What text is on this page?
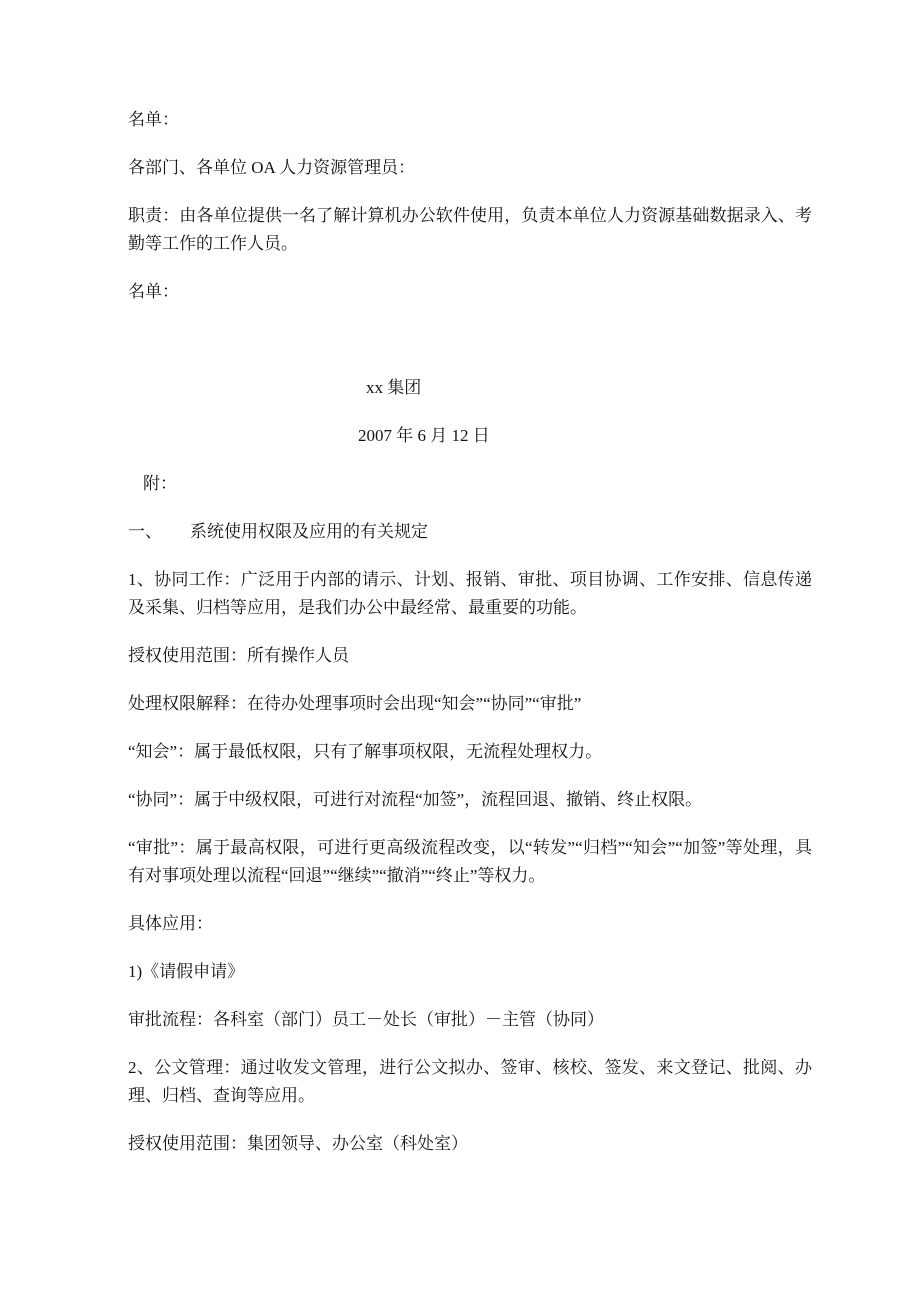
名单：

各部门、各单位 OA 人力资源管理员：

职责：由各单位提供一名了解计算机办公软件使用，负责本单位人力资源基础数据录入、考勤等工作的工作人员。

名单：

xx 集团

2007 年 6 月 12 日

附：

一、 系统使用权限及应用的有关规定

1、协同工作：广泛用于内部的请示、计划、报销、审批、项目协调、工作安排、信息传递及采集、归档等应用，是我们办公中最经常、最重要的功能。

授权使用范围：所有操作人员

处理权限解释：在待办处理事项时会出现“知会”“协同”“审批”

“知会”：属于最低权限，只有了解事项权限，无流程处理权力。

“协同”：属于中级权限，可进行对流程“加签”，流程回退、撤销、终止权限。

“审批”：属于最高权限，可进行更高级流程改变，以“转发”“归档”“知会”“加签”等处理，具有对事项处理以流程“回退”“继续”“撤消”“终止”等权力。

具体应用：

1)《请假申请》

审批流程：各科室（部门）员工－处长（审批）－主管（协同）

2、公文管理：通过收发文管理，进行公文拟办、签审、核校、签发、来文登记、批阅、办理、归档、查询等应用。

授权使用范围：集团领导、办公室（科处室）
